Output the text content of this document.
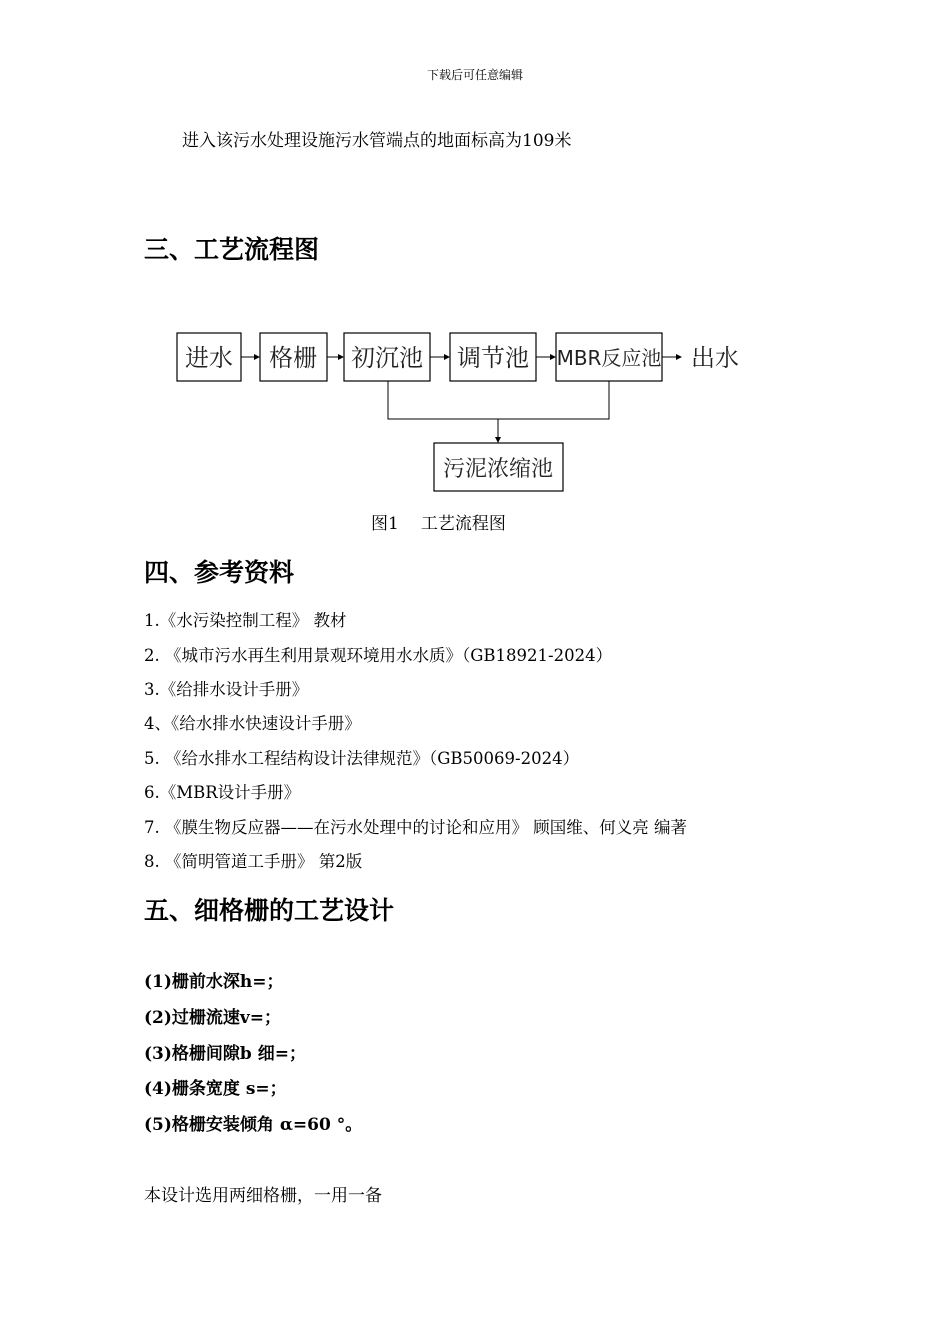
下载后可任意编辑
进入该污水处理设施污水管端点的地面标高为109米
三、工艺流程图
进水 格栅 初沉池 调节池 MBR反应池 出水
污泥浓缩池
图1 工艺流程图
四、参考资料
1.《水污染控制工程》 教材
2. 《城市污水再生利用景观环境用水水质》（GB18921-2024）
3.《给排水设计手册》
4、《给水排水快速设计手册》
5. 《给水排水工程结构设计法律规范》（GB50069-2024）
6.《MBR设计手册》
7. 《膜生物反应器——在污水处理中的讨论和应用》 顾国维、何义亮 编著
8. 《简明管道工手册》 第2版
五、细格栅的工艺设计
(1)栅前水深h=；
(2)过栅流速v=；
(3)格栅间隙b 细=；
(4)栅条宽度 s=；
(5)格栅安装倾角 α=60 °。
本设计选用两细格栅，一用一备
